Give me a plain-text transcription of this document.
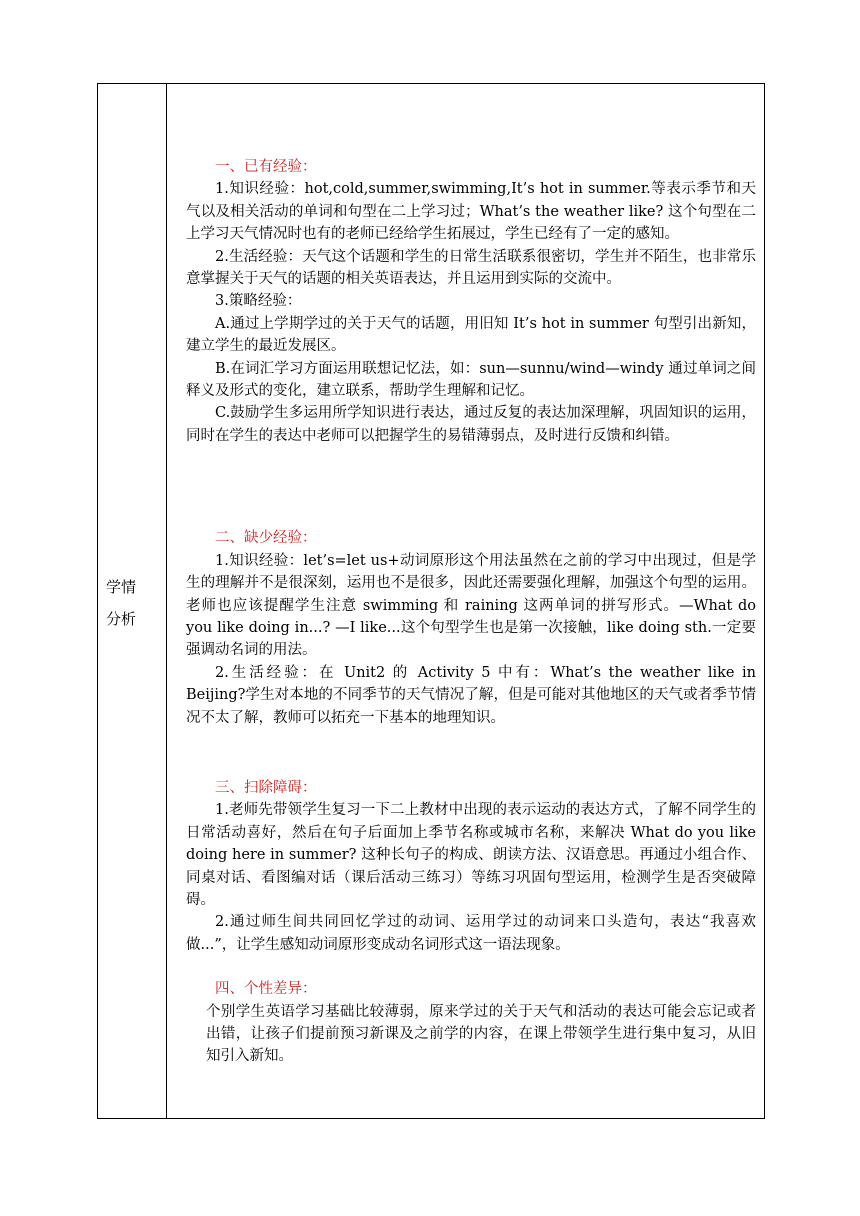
学情
分析

一、已有经验：

1.知识经验：hot,cold,summer,swimming,It’s hot in summer.等表示季节和天气以及相关活动的单词和句型在二上学习过；What’s the weather like? 这个句型在二上学习天气情况时也有的老师已经给学生拓展过，学生已经有了一定的感知。

2.生活经验：天气这个话题和学生的日常生活联系很密切，学生并不陌生，也非常乐意掌握关于天气的话题的相关英语表达，并且运用到实际的交流中。

3.策略经验：

A.通过上学期学过的关于天气的话题，用旧知 It’s hot in summer 句型引出新知，建立学生的最近发展区。

B.在词汇学习方面运用联想记忆法，如：sun—sunnu/wind—windy 通过单词之间释义及形式的变化，建立联系，帮助学生理解和记忆。

C.鼓励学生多运用所学知识进行表达，通过反复的表达加深理解，巩固知识的运用，同时在学生的表达中老师可以把握学生的易错薄弱点，及时进行反馈和纠错。

二、缺少经验：

1.知识经验：let’s=let us+动词原形这个用法虽然在之前的学习中出现过，但是学生的理解并不是很深刻，运用也不是很多，因此还需要强化理解，加强这个句型的运用。老师也应该提醒学生注意 swimming 和 raining 这两单词的拼写形式。—What do you like doing in...? —I like...这个句型学生也是第一次接触，like doing sth.一定要强调动名词的用法。

2.生活经验：在 Unit2 的 Activity 5 中有：What’s the weather like in Beijing?学生对本地的不同季节的天气情况了解，但是可能对其他地区的天气或者季节情况不太了解，教师可以拓充一下基本的地理知识。

三、扫除障碍：

1.老师先带领学生复习一下二上教材中出现的表示运动的表达方式，了解不同学生的日常活动喜好，然后在句子后面加上季节名称或城市名称，来解决 What do you like doing here in summer? 这种长句子的构成、朗读方法、汉语意思。再通过小组合作、同桌对话、看图编对话（课后活动三练习）等练习巩固句型运用，检测学生是否突破障碍。

2.通过师生间共同回忆学过的动词、运用学过的动词来口头造句，表达“我喜欢做...”，让学生感知动词原形变成动名词形式这一语法现象。

四、个性差异：

个别学生英语学习基础比较薄弱，原来学过的关于天气和活动的表达可能会忘记或者出错，让孩子们提前预习新课及之前学的内容，在课上带领学生进行集中复习，从旧知引入新知。
